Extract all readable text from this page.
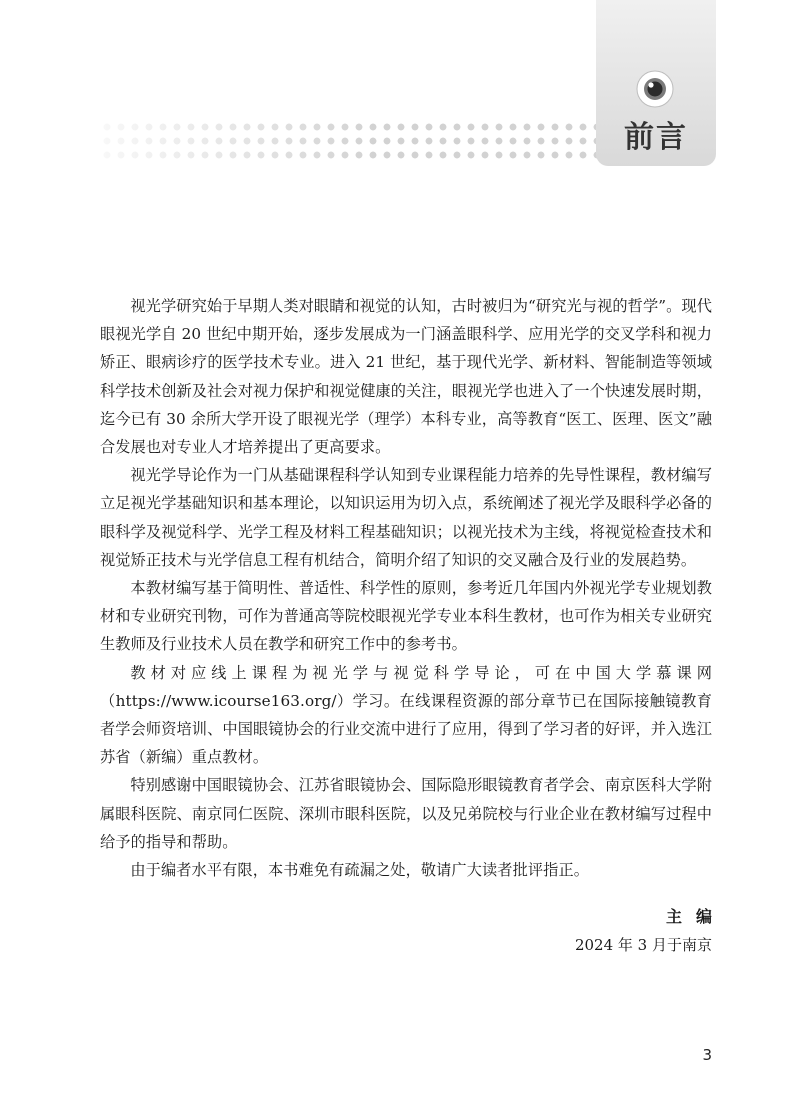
前言

视光学研究始于早期人类对眼睛和视觉的认知，古时被归为“研究光与视的哲学”。现代眼视光学自 20 世纪中期开始，逐步发展成为一门涵盖眼科学、应用光学的交叉学科和视力矫正、眼病诊疗的医学技术专业。进入 21 世纪，基于现代光学、新材料、智能制造等领域科学技术创新及社会对视力保护和视觉健康的关注，眼视光学也进入了一个快速发展时期，迄今已有 30 余所大学开设了眼视光学（理学）本科专业，高等教育“医工、医理、医文”融合发展也对专业人才培养提出了更高要求。

视光学导论作为一门从基础课程科学认知到专业课程能力培养的先导性课程，教材编写立足视光学基础知识和基本理论，以知识运用为切入点，系统阐述了视光学及眼科学必备的眼科学及视觉科学、光学工程及材料工程基础知识；以视光技术为主线，将视觉检查技术和视觉矫正技术与光学信息工程有机结合，简明介绍了知识的交叉融合及行业的发展趋势。

本教材编写基于简明性、普适性、科学性的原则，参考近几年国内外视光学专业规划教材和专业研究刊物，可作为普通高等院校眼视光学专业本科生教材，也可作为相关专业研究生教师及行业技术人员在教学和研究工作中的参考书。

教材对应线上课程为视光学与视觉科学导论，可在中国大学慕课网（https://www.icourse163.org/）学习。在线课程资源的部分章节已在国际接触镜教育者学会师资培训、中国眼镜协会的行业交流中进行了应用，得到了学习者的好评，并入选江苏省（新编）重点教材。

特别感谢中国眼镜协会、江苏省眼镜协会、国际隐形眼镜教育者学会、南京医科大学附属眼科医院、南京同仁医院、深圳市眼科医院，以及兄弟院校与行业企业在教材编写过程中给予的指导和帮助。

由于编者水平有限，本书难免有疏漏之处，敬请广大读者批评指正。

主编
2024 年 3 月于南京
3
